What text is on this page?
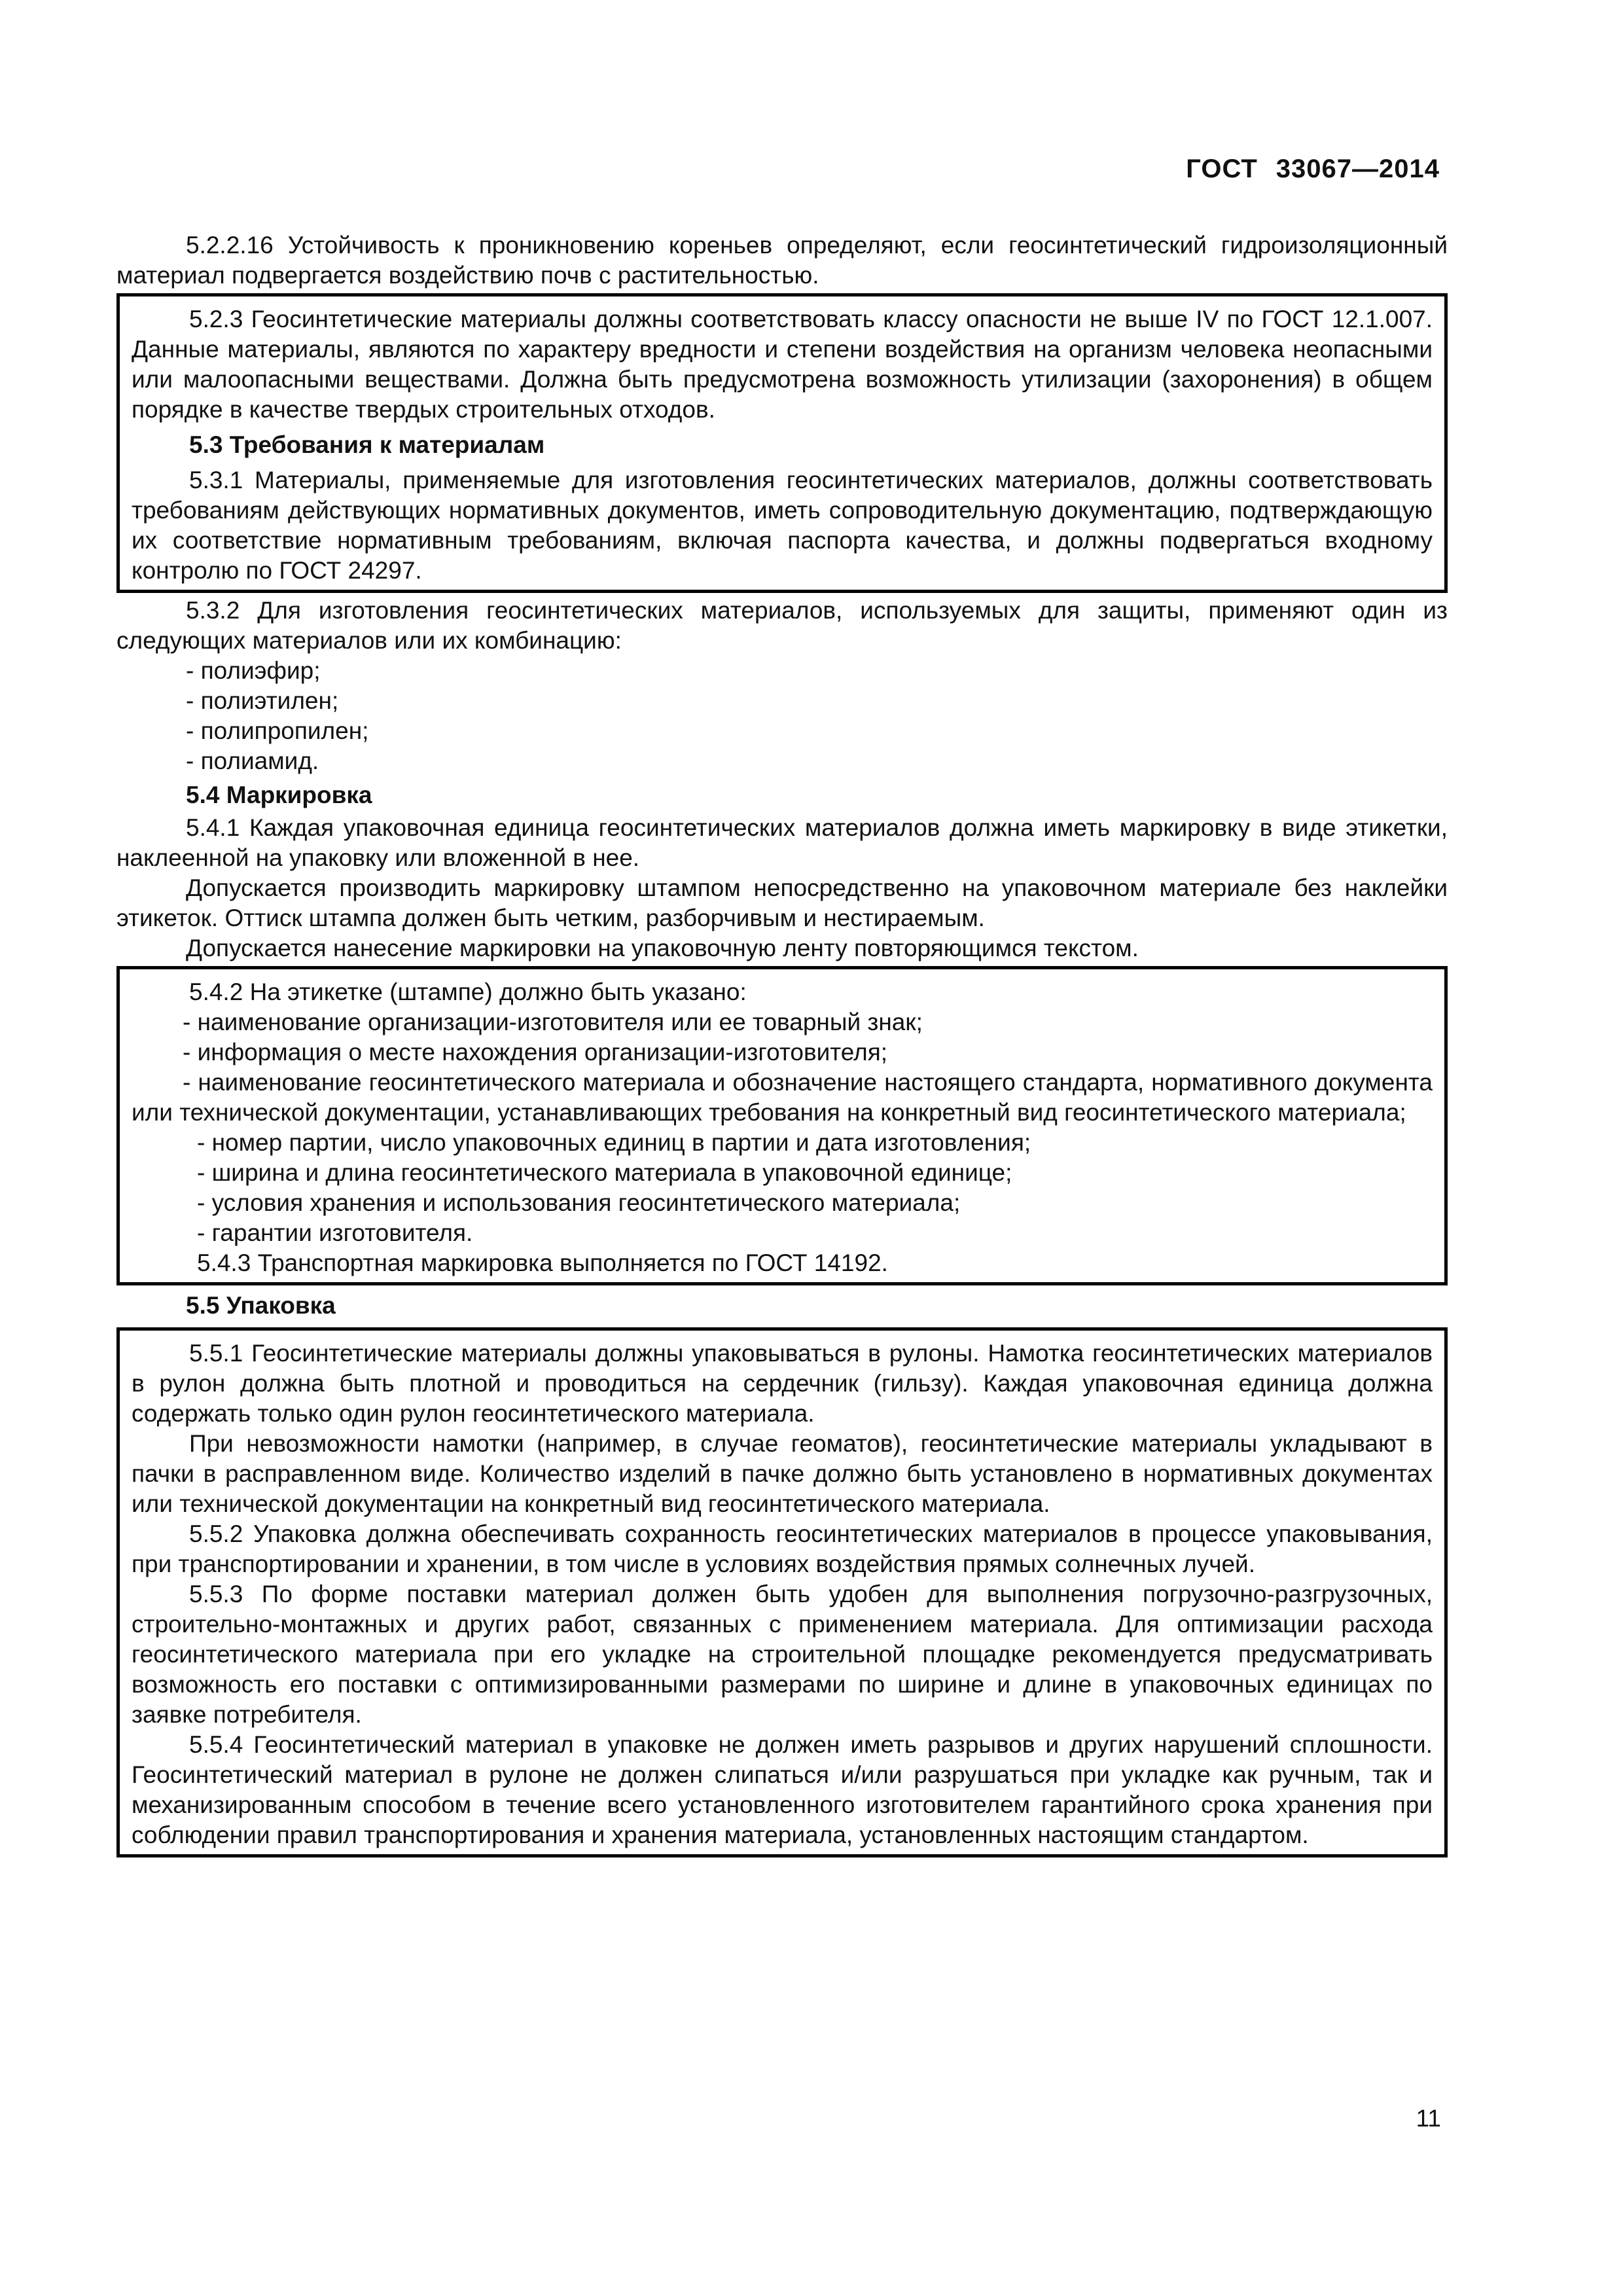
ГОСТ 33067—2014

5.2.2.16 Устойчивость к проникновению кореньев определяют, если геосинтетический гидроизоляционный материал подвергается воздействию почв с растительностью.

5.2.3 Геосинтетические материалы должны соответствовать классу опасности не выше IV по ГОСТ 12.1.007. Данные материалы, являются по характеру вредности и степени воздействия на организм человека неопасными или малоопасными веществами. Должна быть предусмотрена возможность утилизации (захоронения) в общем порядке в качестве твердых строительных отходов.

5.3 Требования к материалам

5.3.1 Материалы, применяемые для изготовления геосинтетических материалов, должны соответствовать требованиям действующих нормативных документов, иметь сопроводительную документацию, подтверждающую их соответствие нормативным требованиям, включая паспорта качества, и должны подвергаться входному контролю по ГОСТ 24297.

5.3.2 Для изготовления геосинтетических материалов, используемых для защиты, применяют один из следующих материалов или их комбинацию:

- полиэфир;

- полиэтилен;

- полипропилен;

- полиамид.

5.4 Маркировка

5.4.1 Каждая упаковочная единица геосинтетических материалов должна иметь маркировку в виде этикетки, наклеенной на упаковку или вложенной в нее.

Допускается производить маркировку штампом непосредственно на упаковочном материале без наклейки этикеток. Оттиск штампа должен быть четким, разборчивым и нестираемым.

Допускается нанесение маркировки на упаковочную ленту повторяющимся текстом.

5.4.2 На этикетке (штампе) должно быть указано:

- наименование организации-изготовителя или ее товарный знак;

- информация о месте нахождения организации-изготовителя;

- наименование геосинтетического материала и обозначение настоящего стандарта, нормативного документа или технической документации, устанавливающих требования на конкретный вид геосинтетического материала;

- номер партии, число упаковочных единиц в партии и дата изготовления;

- ширина и длина геосинтетического материала в упаковочной единице;

- условия хранения и использования геосинтетического материала;

- гарантии изготовителя.

5.4.3 Транспортная маркировка выполняется по ГОСТ 14192.

5.5 Упаковка

5.5.1 Геосинтетические материалы должны упаковываться в рулоны. Намотка геосинтетических материалов в рулон должна быть плотной и проводиться на сердечник (гильзу). Каждая упаковочная единица должна содержать только один рулон геосинтетического материала.

При невозможности намотки (например, в случае геоматов), геосинтетические материалы укладывают в пачки в расправленном виде. Количество изделий в пачке должно быть установлено в нормативных документах или технической документации на конкретный вид геосинтетического материала.

5.5.2 Упаковка должна обеспечивать сохранность геосинтетических материалов в процессе упаковывания, при транспортировании и хранении, в том числе в условиях воздействия прямых солнечных лучей.

5.5.3 По форме поставки материал должен быть удобен для выполнения погрузочно-разгрузочных, строительно-монтажных и других работ, связанных с применением материала. Для оптимизации расхода геосинтетического материала при его укладке на строительной площадке рекомендуется предусматривать возможность его поставки с оптимизированными размерами по ширине и длине в упаковочных единицах по заявке потребителя.

5.5.4 Геосинтетический материал в упаковке не должен иметь разрывов и других нарушений сплошности. Геосинтетический материал в рулоне не должен слипаться и/или разрушаться при укладке как ручным, так и механизированным способом в течение всего установленного изготовителем гарантийного срока хранения при соблюдении правил транспортирования и хранения материала, установленных настоящим стандартом.

11
